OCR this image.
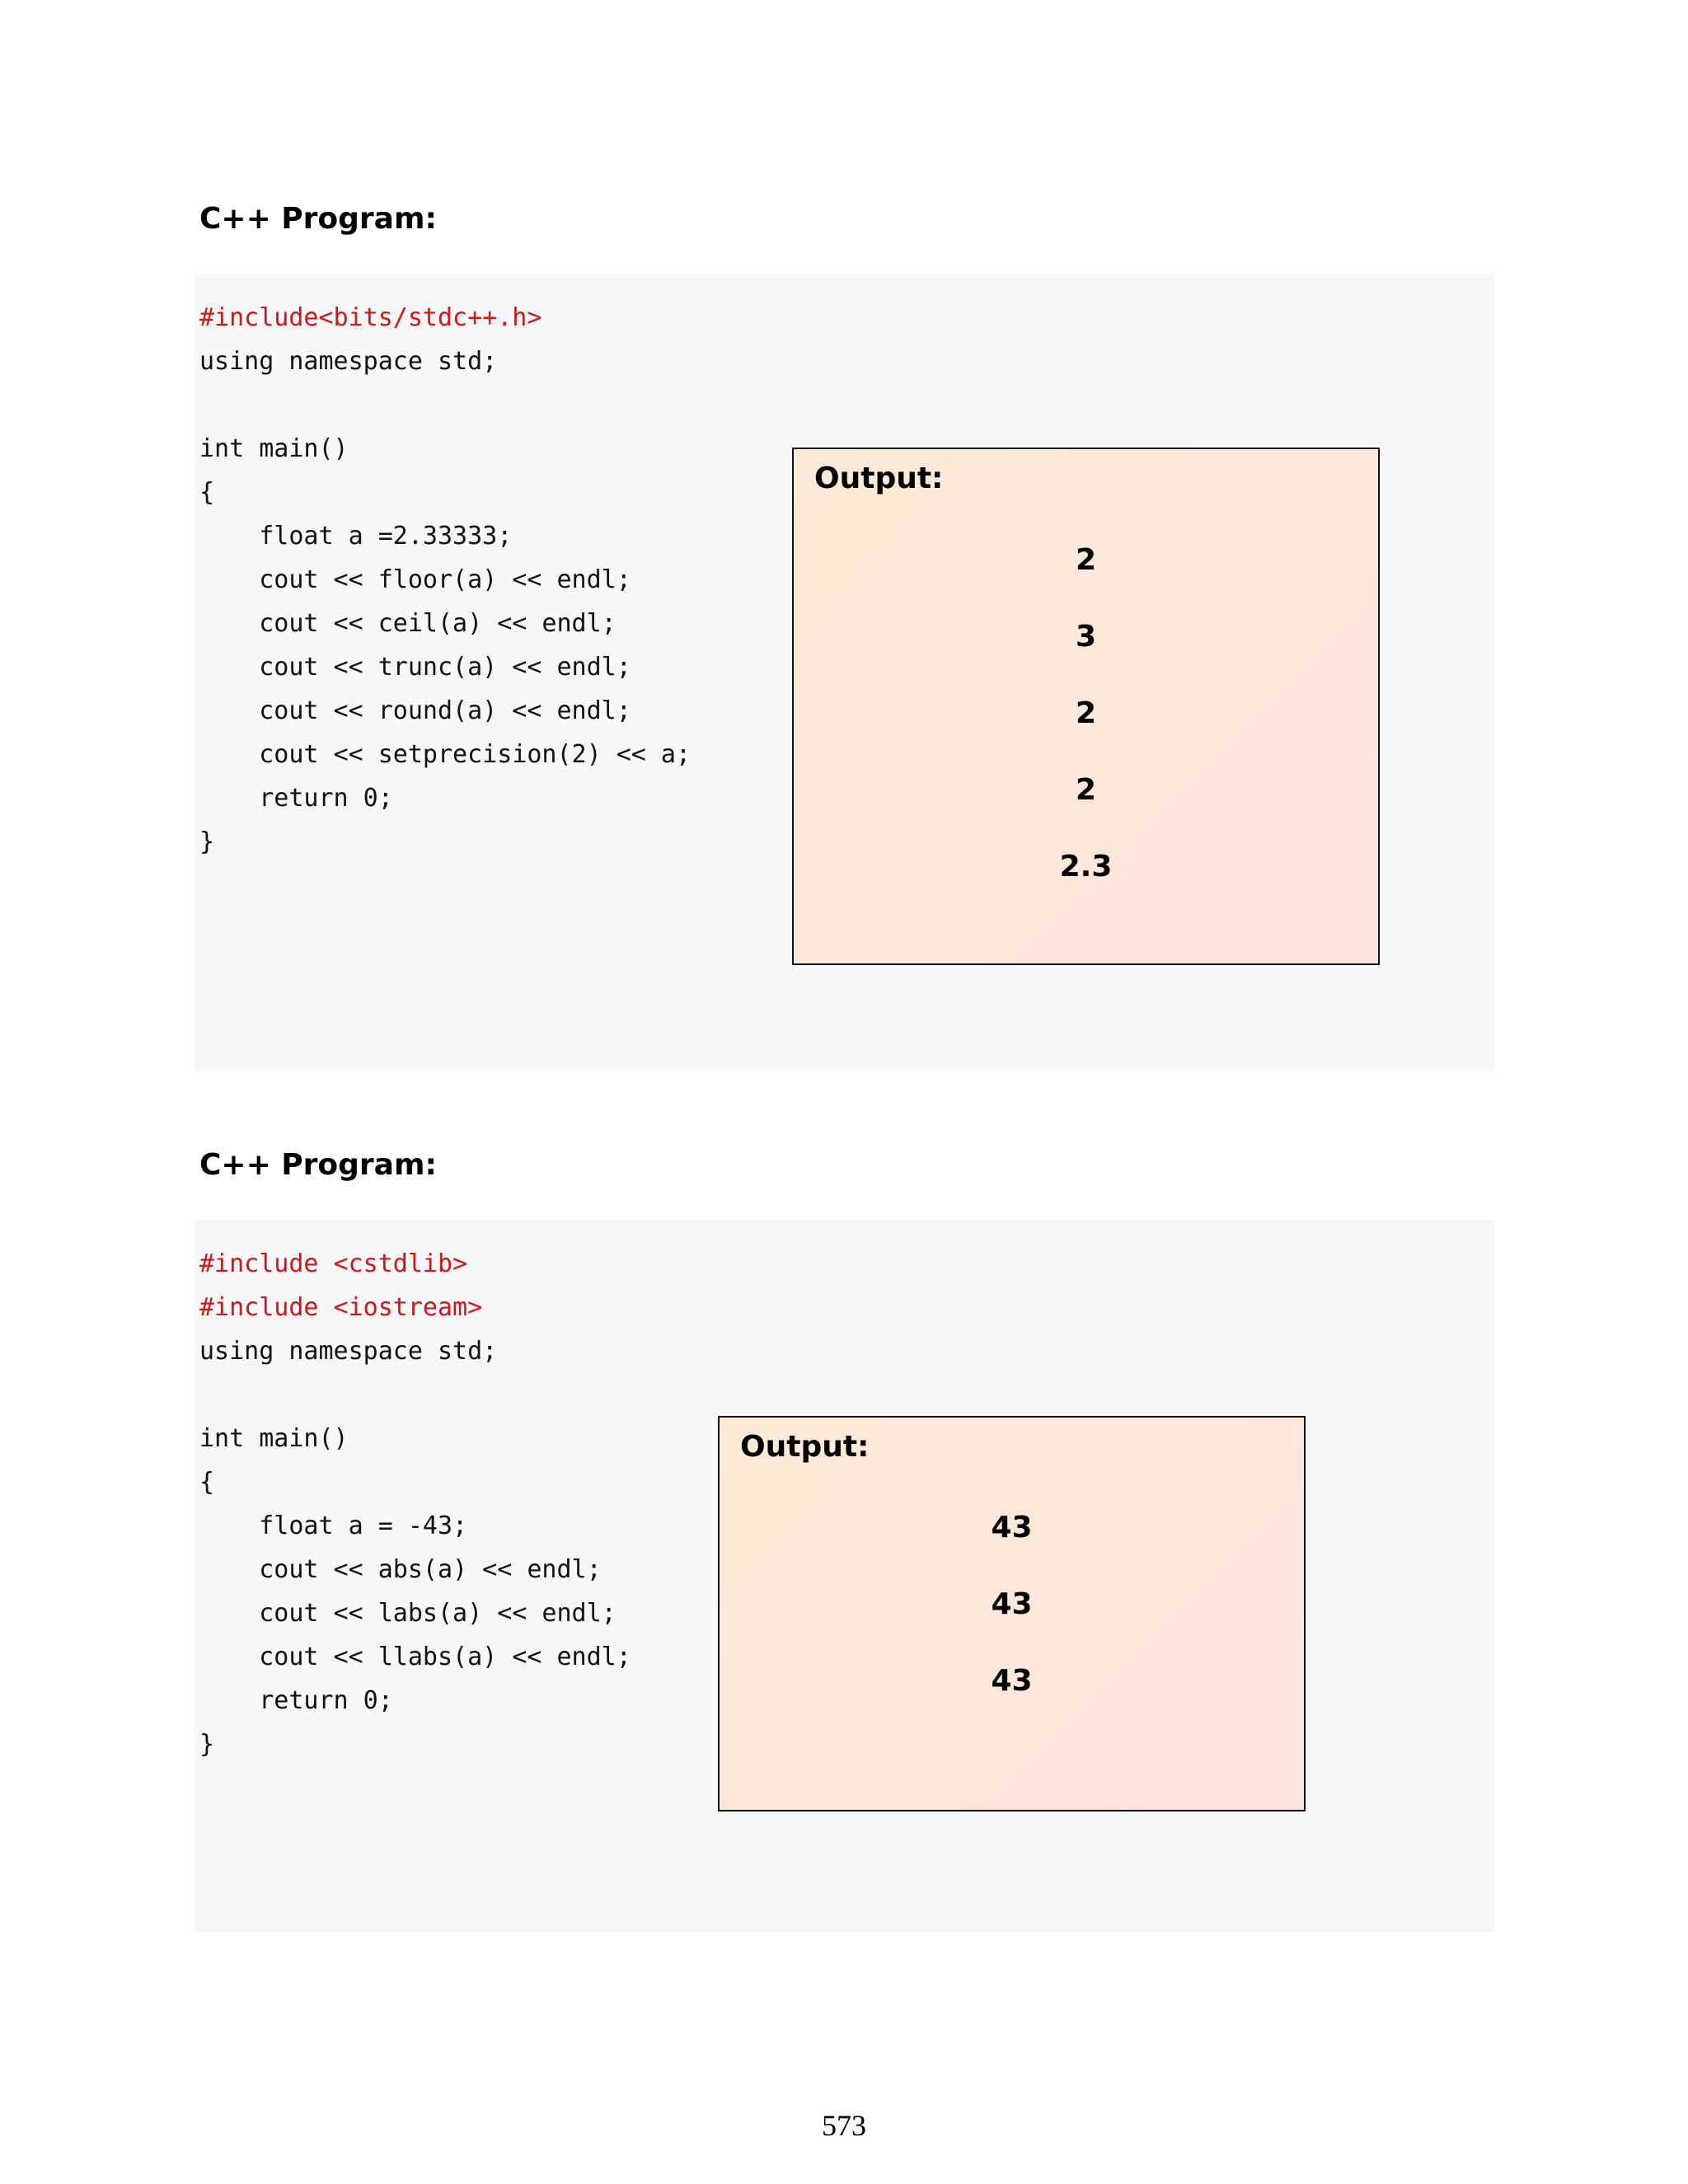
C++ Program:
#include<bits/stdc++.h>
using namespace std;
int main()
{
float a =2.33333;
cout << floor(a) << endl;
cout << ceil(a) << endl;
cout << trunc(a) << endl;
cout << round(a) << endl;
cout << setprecision(2) << a;
return 0;
}
Output:
2
3
2
2
2.3
C++ Program:
#include <cstdlib>
#include <iostream>
using namespace std;
int main()
{
float a = -43;
cout << abs(a) << endl;
cout << labs(a) << endl;
cout << llabs(a) << endl;
return 0;
}
Output:
43
43
43
573
